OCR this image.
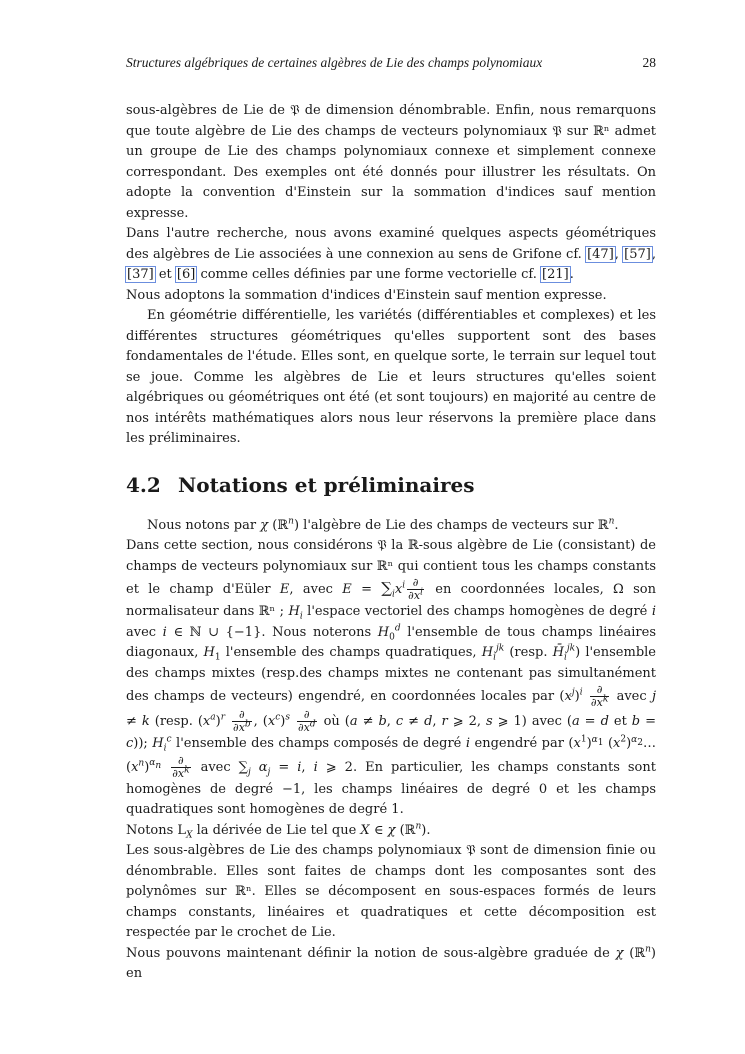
Structures algébriques de certaines algèbres de Lie des champs polynomiaux	28

sous-algèbres de Lie de 𝔓 de dimension dénombrable. Enfin, nous remarquons que toute algèbre de Lie des champs de vecteurs polynomiaux 𝔓 sur ℝⁿ admet un groupe de Lie des champs polynomiaux connexe et simplement connexe correspondant. Des exemples ont été donnés pour illustrer les résultats. On adopte la convention d'Einstein sur la sommation d'indices sauf mention expresse.

Dans l'autre recherche, nous avons examiné quelques aspects géométriques des algèbres de Lie associées à une connexion au sens de Grifone cf. [47], [57], [37] et [6] comme celles définies par une forme vectorielle cf. [21].

Nous adoptons la sommation d'indices d'Einstein sauf mention expresse.

En géométrie différentielle, les variétés (différentiables et complexes) et les différentes structures géométriques qu'elles supportent sont des bases fondamentales de l'étude. Elles sont, en quelque sorte, le terrain sur lequel tout se joue. Comme les algèbres de Lie et leurs structures qu'elles soient algébriques ou géométriques ont été (et sont toujours) en majorité au centre de nos intérêts mathématiques alors nous leur réservons la première place dans les préliminaires.

4.2 Notations et préliminaires

Nous notons par χ (ℝ$^n$) l'algèbre de Lie des champs de vecteurs sur ℝ$^n$.

Dans cette section, nous considérons 𝔓 la ℝ-sous algèbre de Lie (consistant) de champs de vecteurs polynomiaux sur ℝⁿ qui contient tous les champs constants et le champ d'Eüler E, avec $E = \sum_ix^i \frac{\partial}{\partial x^i}$ en coordonnées locales, Ω son normalisateur dans ℝⁿ ; $H_i$ l'espace vectoriel des champs homogènes de degré i avec i ∈ ℕ ∪ {−1}. Nous noterons $H_0^d$ l'ensemble de tous champs linéaires diagonaux, $H_1$ l'ensemble des champs quadratiques, $H_i^{jk}$ (resp. $H̄_i^{jk}$) l'ensemble des champs mixtes (resp.des champs mixtes ne contenant pas simultanément des champs de vecteurs) engendré, en coordonnées locales par $(x^j)^i \frac{\partial}{\partial x^k}$ avec j ≠ k (resp. $(x^a)^r \frac{\partial}{\partial x^b}$ , $(x^c)^s \frac{\partial}{\partial x^d}$ où (a ≠ b, c ≠ d, r ⩾ 2, s ⩾ 1) avec (a = d et b = c)); $H_i^c$ l'ensemble des champs composés de degré i engendré par $(x^1)^{\alpha_1}$ $(x^2)^{\alpha_2}\dots(x^n)^{\alpha_n} \frac{\partial}{\partial x^k}$ avec $\sum_j$ $\alpha_j = i$, i ⩾ 2. En particulier, les champs constants sont homogènes de degré −1, les champs linéaires de degré 0 et les champs quadratiques sont homogènes de degré 1.

Notons $L_X$ la dérivée de Lie tel que X ∈ χ (ℝ$^n$).

Les sous-algèbres de Lie des champs polynomiaux 𝔓 sont de dimension finie ou dénombrable. Elles sont faites de champs dont les composantes sont des polynômes sur ℝⁿ. Elles se décomposent en sous-espaces formés de leurs champs constants, linéaires et quadratiques et cette décomposition est respectée par le crochet de Lie.

Nous pouvons maintenant définir la notion de sous-algèbre graduée de χ (ℝ$^n$) en
